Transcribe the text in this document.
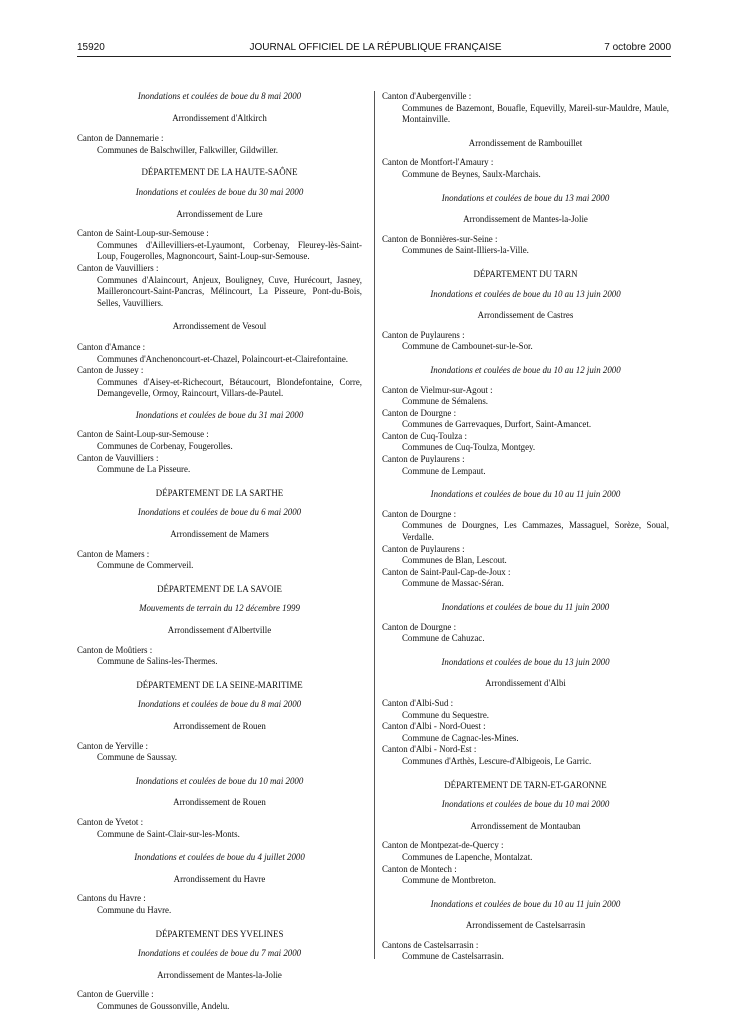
15920	JOURNAL OFFICIEL DE LA RÉPUBLIQUE FRANÇAISE	7 octobre 2000

Inondations et coulées de boue du 8 mai 2000

Arrondissement d'Altkirch

Canton de Dannemarie :

Communes de Balschwiller, Falkwiller, Gildwiller.

DÉPARTEMENT DE LA HAUTE-SAÔNE

Inondations et coulées de boue du 30 mai 2000

Arrondissement de Lure

Canton de Saint-Loup-sur-Semouse :

Communes d'Aillevilliers-et-Lyaumont, Corbenay, Fleurey-lès-Saint-Loup, Fougerolles, Magnoncourt, Saint-Loup-sur-Semouse.

Canton de Vauvilliers :

Communes d'Alaincourt, Anjeux, Bouligney, Cuve, Hurécourt, Jasney, Mailleroncourt-Saint-Pancras, Mélincourt, La Pisseure, Pont-du-Bois, Selles, Vauvilliers.

Arrondissement de Vesoul

Canton d'Amance :

Communes d'Anchenoncourt-et-Chazel, Polaincourt-et-Clairefontaine.

Canton de Jussey :

Communes d'Aisey-et-Richecourt, Bétaucourt, Blondefontaine, Corre, Demangevelle, Ormoy, Raincourt, Villars-de-Pautel.

Inondations et coulées de boue du 31 mai 2000

Canton de Saint-Loup-sur-Semouse :

Communes de Corbenay, Fougerolles.

Canton de Vauvilliers :

Commune de La Pisseure.

DÉPARTEMENT DE LA SARTHE

Inondations et coulées de boue du 6 mai 2000

Arrondissement de Mamers

Canton de Mamers :

Commune de Commerveil.

DÉPARTEMENT DE LA SAVOIE

Mouvements de terrain du 12 décembre 1999

Arrondissement d'Albertville

Canton de Moûtiers :

Commune de Salins-les-Thermes.

DÉPARTEMENT DE LA SEINE-MARITIME

Inondations et coulées de boue du 8 mai 2000

Arrondissement de Rouen

Canton de Yerville :

Commune de Saussay.

Inondations et coulées de boue du 10 mai 2000

Arrondissement de Rouen

Canton de Yvetot :

Commune de Saint-Clair-sur-les-Monts.

Inondations et coulées de boue du 4 juillet 2000

Arrondissement du Havre

Cantons du Havre :

Commune du Havre.

DÉPARTEMENT DES YVELINES

Inondations et coulées de boue du 7 mai 2000

Arrondissement de Mantes-la-Jolie

Canton de Guerville :

Communes de Goussonville, Andelu.

Canton d'Aubergenville :

Communes de Bazemont, Bouafle, Equevilly, Mareil-sur-Mauldre, Maule, Montainville.

Arrondissement de Rambouillet

Canton de Montfort-l'Amaury :

Commune de Beynes, Saulx-Marchais.

Inondations et coulées de boue du 13 mai 2000

Arrondissement de Mantes-la-Jolie

Canton de Bonnières-sur-Seine :

Communes de Saint-Illiers-la-Ville.

DÉPARTEMENT DU TARN

Inondations et coulées de boue du 10 au 13 juin 2000

Arrondissement de Castres

Canton de Puylaurens :

Commune de Cambounet-sur-le-Sor.

Inondations et coulées de boue du 10 au 12 juin 2000

Canton de Vielmur-sur-Agout :

Commune de Sémalens.

Canton de Dourgne :

Communes de Garrevaques, Durfort, Saint-Amancet.

Canton de Cuq-Toulza :

Communes de Cuq-Toulza, Montgey.

Canton de Puylaurens :

Commune de Lempaut.

Inondations et coulées de boue du 10 au 11 juin 2000

Canton de Dourgne :

Communes de Dourgnes, Les Cammazes, Massaguel, Sorèze, Soual, Verdalle.

Canton de Puylaurens :

Communes de Blan, Lescout.

Canton de Saint-Paul-Cap-de-Joux :

Commune de Massac-Séran.

Inondations et coulées de boue du 11 juin 2000

Canton de Dourgne :

Commune de Cahuzac.

Inondations et coulées de boue du 13 juin 2000

Arrondissement d'Albi

Canton d'Albi-Sud :

Commune du Sequestre.

Canton d'Albi - Nord-Ouest :

Commune de Cagnac-les-Mines.

Canton d'Albi - Nord-Est :

Communes d'Arthès, Lescure-d'Albigeois, Le Garric.

DÉPARTEMENT DE TARN-ET-GARONNE

Inondations et coulées de boue du 10 mai 2000

Arrondissement de Montauban

Canton de Montpezat-de-Quercy :

Communes de Lapenche, Montalzat.

Canton de Montech :

Commune de Montbreton.

Inondations et coulées de boue du 10 au 11 juin 2000

Arrondissement de Castelsarrasin

Cantons de Castelsarrasin :

Commune de Castelsarrasin.
